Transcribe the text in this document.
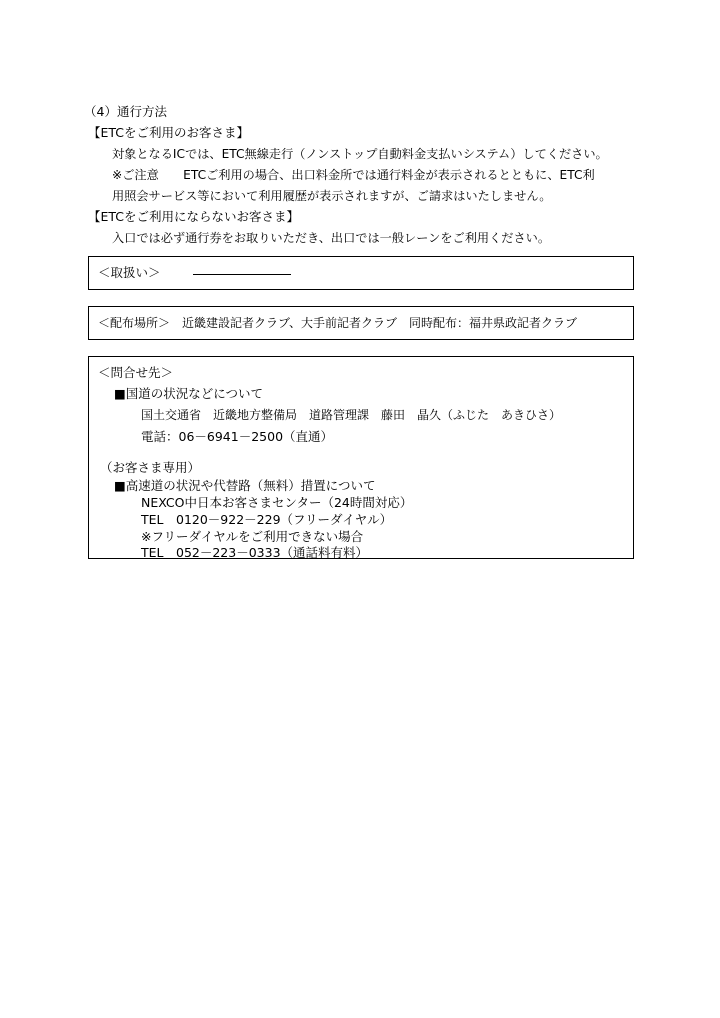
（4）通行方法
【ETCをご利用のお客さま】
対象となるICでは、ETC無線走行（ノンストップ自動料金支払いシステム）してください。
※ご注意　　ETCご利用の場合、出口料金所では通行料金が表示されるとともに、ETC利
用照会サービス等において利用履歴が表示されますが、ご請求はいたしません。
【ETCをご利用にならないお客さま】
入口では必ず通行券をお取りいただき、出口では一般レーンをご利用ください。
＜取扱い＞
＜配布場所＞　近畿建設記者クラブ、大手前記者クラブ　同時配布：福井県政記者クラブ
＜問合せ先＞
■国道の状況などについて
国土交通省　近畿地方整備局　道路管理課　藤田　晶久（ふじた　あきひさ）
電話：06－6941－2500（直通）
（お客さま専用）
■高速道の状況や代替路（無料）措置について
NEXCO中日本お客さまセンター（24時間対応）
TEL　0120－922－229（フリーダイヤル）
※フリーダイヤルをご利用できない場合
TEL　052－223－0333（通話料有料）
